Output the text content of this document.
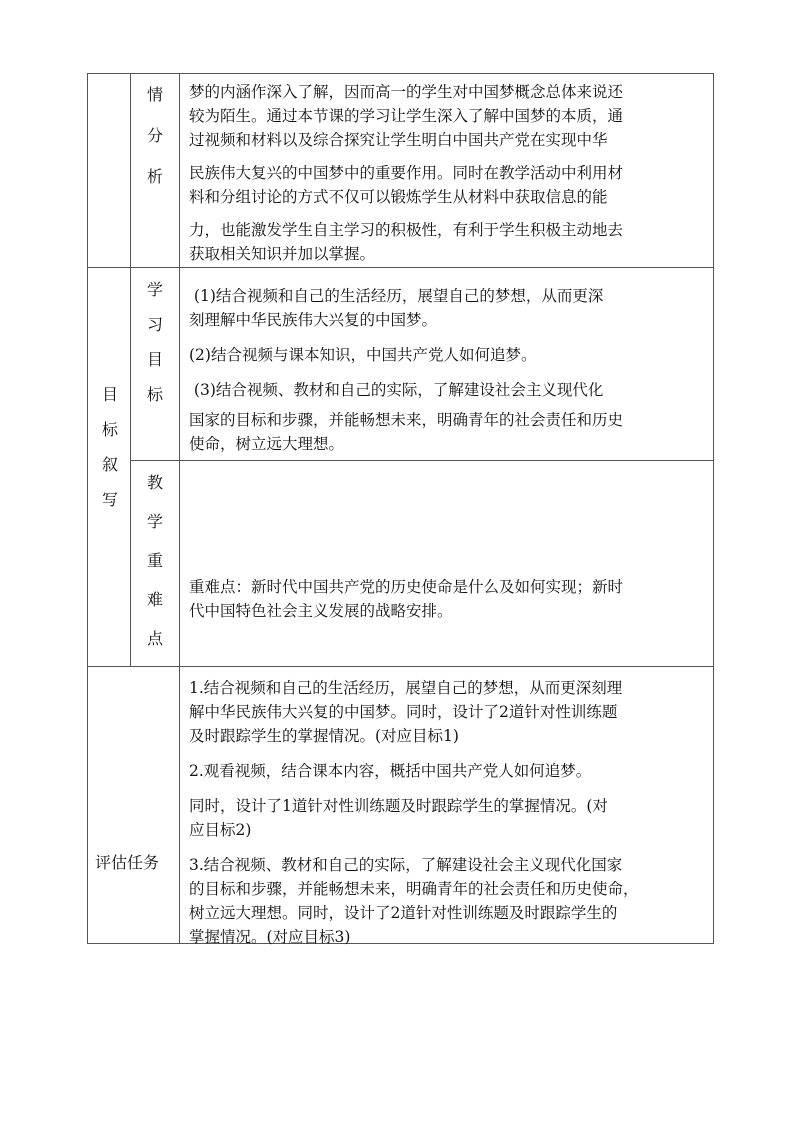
情
分
析

梦的内涵作深入了解，因而高一的学生对中国梦概念总体来说还

较为陌生。通过本节课的学习让学生深入了解中国梦的本质，通

过视频和材料以及综合探究让学生明白中国共产党在实现中华

民族伟大复兴的中国梦中的重要作用。同时在教学活动中利用材

料和分组讨论的方式不仅可以锻炼学生从材料中获取信息的能

力，也能激发学生自主学习的积极性，有利于学生积极主动地去

获取相关知识并加以掌握。

目
标
叙
写
学
习
目
标

(1)结合视频和自己的生活经历，展望自己的梦想，从而更深

刻理解中华民族伟大兴复的中国梦。

(2)结合视频与课本知识，中国共产党人如何追梦。

(3)结合视频、教材和自己的实际，了解建设社会主义现代化

国家的目标和步骤，并能畅想未来，明确青年的社会责任和历史

使命，树立远大理想。

教
学
重
难
点

重难点：新时代中国共产党的历史使命是什么及如何实现；新时

代中国特色社会主义发展的战略安排。

评估任务

1.结合视频和自己的生活经历，展望自己的梦想，从而更深刻理

解中华民族伟大兴复的中国梦。同时，设计了2道针对性训练题

及时跟踪学生的掌握情况。(对应目标1)

2.观看视频，结合课本内容，概括中国共产党人如何追梦。

同时，设计了1道针对性训练题及时跟踪学生的掌握情况。(对

应目标2)

3.结合视频、教材和自己的实际，了解建设社会主义现代化国家

的目标和步骤，并能畅想未来，明确青年的社会责任和历史使命，

树立远大理想。同时，设计了2道针对性训练题及时跟踪学生的

掌握情况。(对应目标3)
